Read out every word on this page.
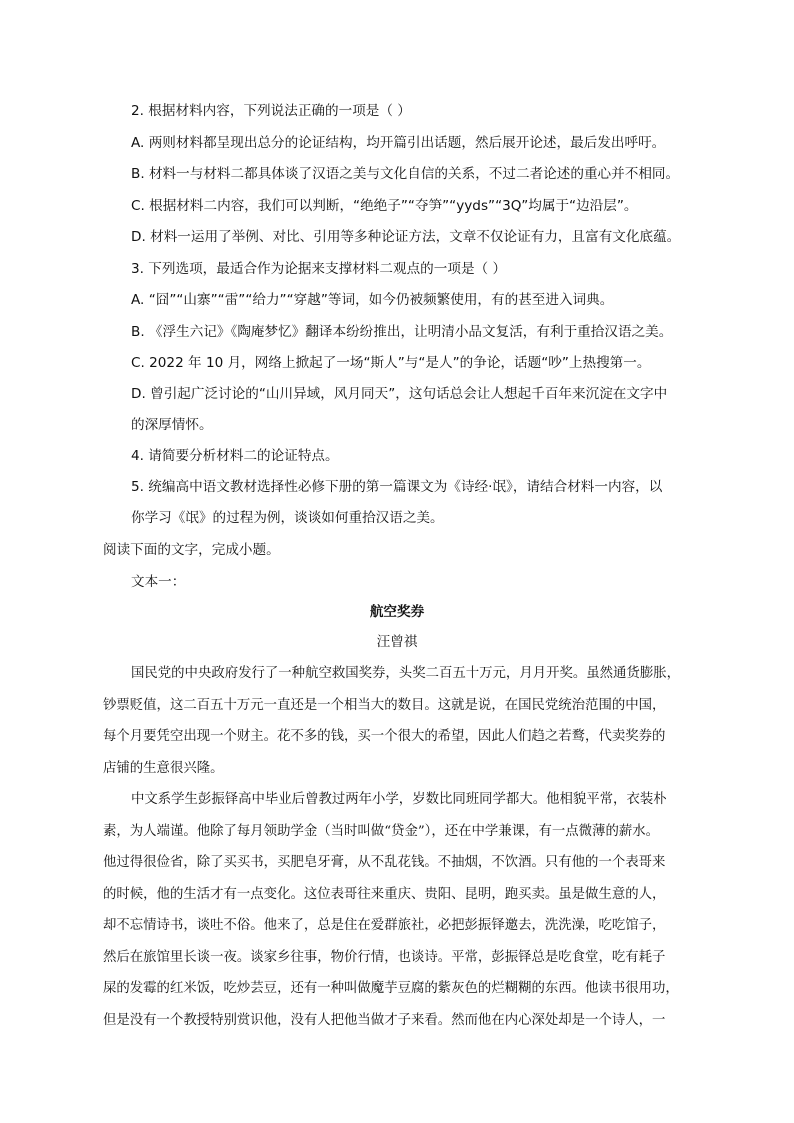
2. 根据材料内容，下列说法正确的一项是（ ）
A. 两则材料都呈现出总分的论证结构，均开篇引出话题，然后展开论述，最后发出呼吁。
B. 材料一与材料二都具体谈了汉语之美与文化自信的关系，不过二者论述的重心并不相同。
C. 根据材料二内容，我们可以判断，“绝绝子”“夺笋”“yyds”“3Q”均属于“边沿层”。
D. 材料一运用了举例、对比、引用等多种论证方法，文章不仅论证有力，且富有文化底蕴。
3. 下列选项，最适合作为论据来支撑材料二观点的一项是（ ）
A. “囧”“山寨”“雷”“给力”“穿越”等词，如今仍被频繁使用，有的甚至进入词典。
B. 《浮生六记》《陶庵梦忆》翻译本纷纷推出，让明清小品文复活，有利于重拾汉语之美。
C. 2022 年 10 月，网络上掀起了一场“斯人”与“是人”的争论，话题“吵”上热搜第一。
D. 曾引起广泛讨论的“山川异域，风月同天”，这句话总会让人想起千百年来沉淀在文字中
的深厚情怀。
4. 请简要分析材料二的论证特点。
5. 统编高中语文教材选择性必修下册的第一篇课文为《诗经·氓》，请结合材料一内容，以
你学习《氓》的过程为例，谈谈如何重拾汉语之美。
阅读下面的文字，完成小题。
文本一：
航空奖券
汪曾祺
国民党的中央政府发行了一种航空救国奖券，头奖二百五十万元，月月开奖。虽然通货膨胀，
钞票贬值，这二百五十万元一直还是一个相当大的数目。这就是说，在国民党统治范围的中国，
每个月要凭空出现一个财主。花不多的钱，买一个很大的希望，因此人们趋之若鹜，代卖奖券的
店铺的生意很兴隆。
中文系学生彭振铎高中毕业后曾教过两年小学，岁数比同班同学都大。他相貌平常，衣装朴
素，为人端谨。他除了每月领助学金（当时叫做“贷金”），还在中学兼课，有一点微薄的薪水。
他过得很俭省，除了买买书，买肥皂牙膏，从不乱花钱。不抽烟，不饮酒。只有他的一个表哥来
的时候，他的生活才有一点变化。这位表哥往来重庆、贵阳、昆明，跑买卖。虽是做生意的人，
却不忘情诗书，谈吐不俗。他来了，总是住在爱群旅社，必把彭振铎邀去，洗洗澡，吃吃馆子，
然后在旅馆里长谈一夜。谈家乡往事，物价行情，也谈诗。平常，彭振铎总是吃食堂，吃有耗子
屎的发霉的红米饭，吃炒芸豆，还有一种叫做魔芋豆腐的紫灰色的烂糊糊的东西。他读书很用功，
但是没有一个教授特别赏识他，没有人把他当做才子来看。然而他在内心深处却是一个诗人，一
